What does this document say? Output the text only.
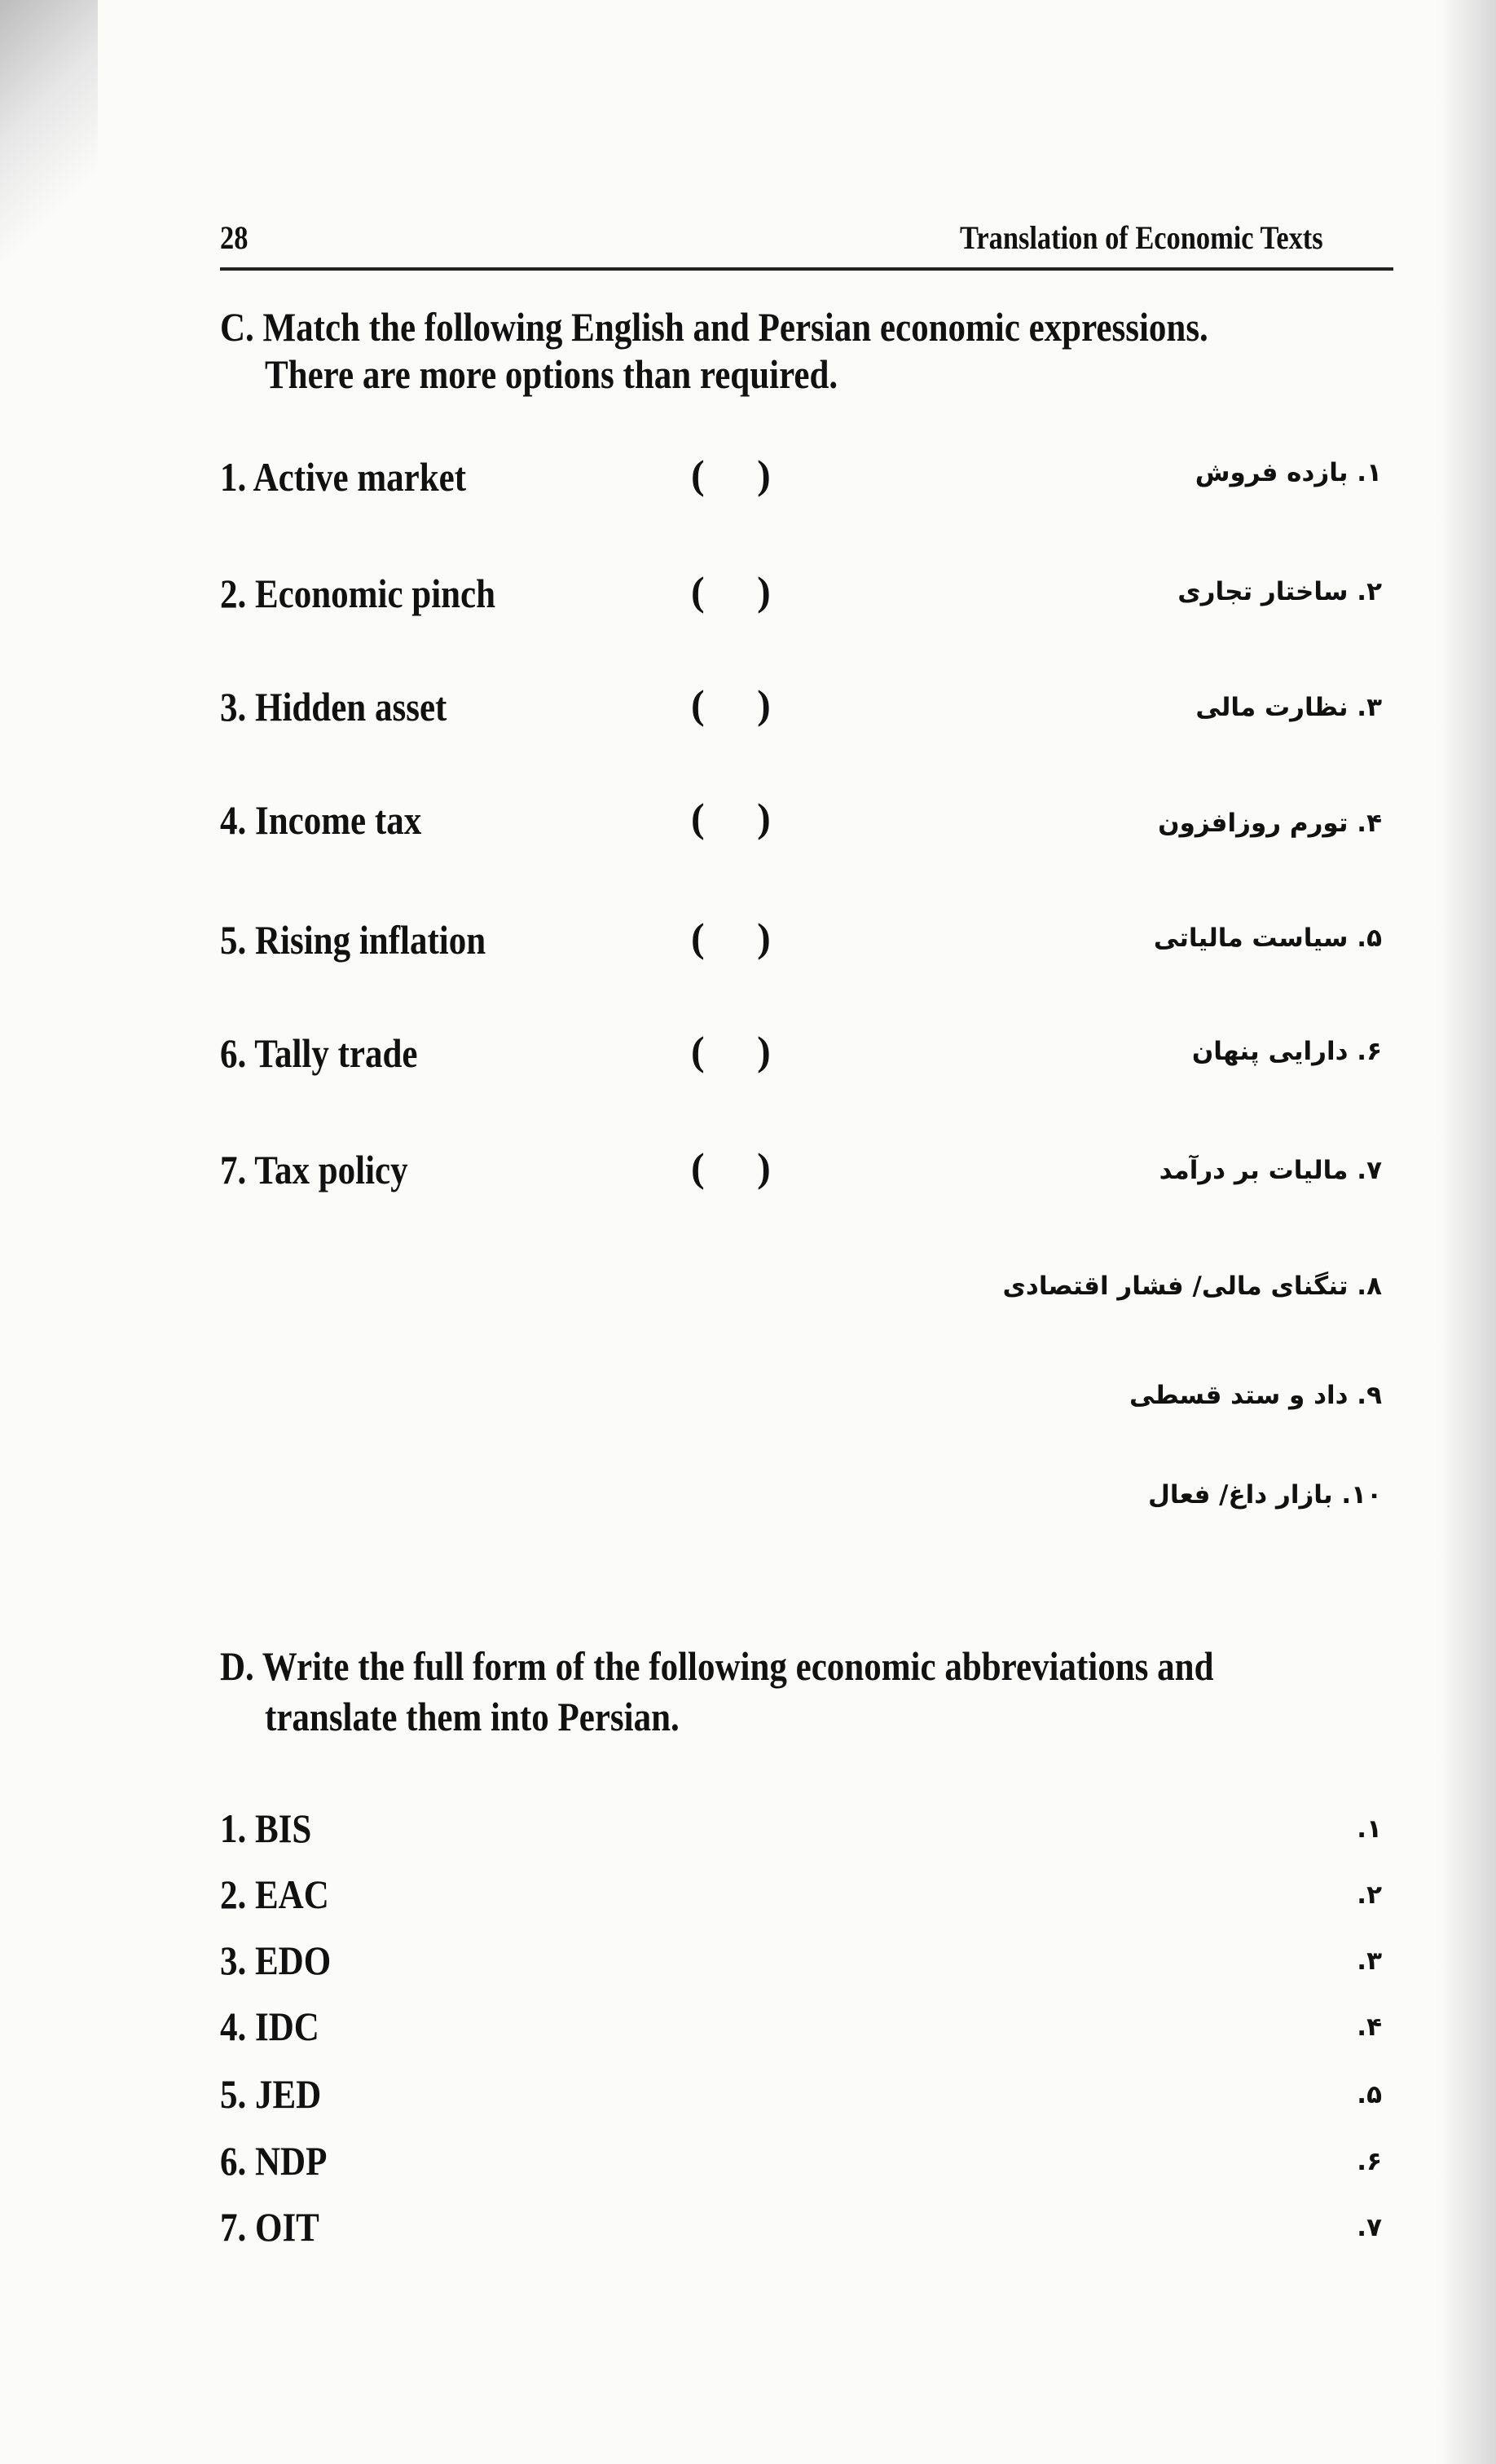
28	Translation of Economic Texts
C. Match the following English and Persian economic expressions.
There are more options than required.
1. Active market
2. Economic pinch
3. Hidden asset
4. Income tax
5. Rising inflation
6. Tally trade
7. Tax policy
( )
( )
( )
( )
( )
( )
( )
۱. بازده فروش
۲. ساختار تجاری
۳. نظارت مالی
۴. تورم روزافزون
۵. سیاست مالیاتی
۶. دارایی پنهان
۷. مالیات بر درآمد
۸. تنگنای مالی/ فشار اقتصادی
۹. داد و ستد قسطی
۱۰. بازار داغ/ فعال
D. Write the full form of the following economic abbreviations and
translate them into Persian.
1. BIS
2. EAC
3. EDO
4. IDC
5. JED
6. NDP
7. OIT
۱.
۲.
۳.
۴.
۵.
۶.
۷.
